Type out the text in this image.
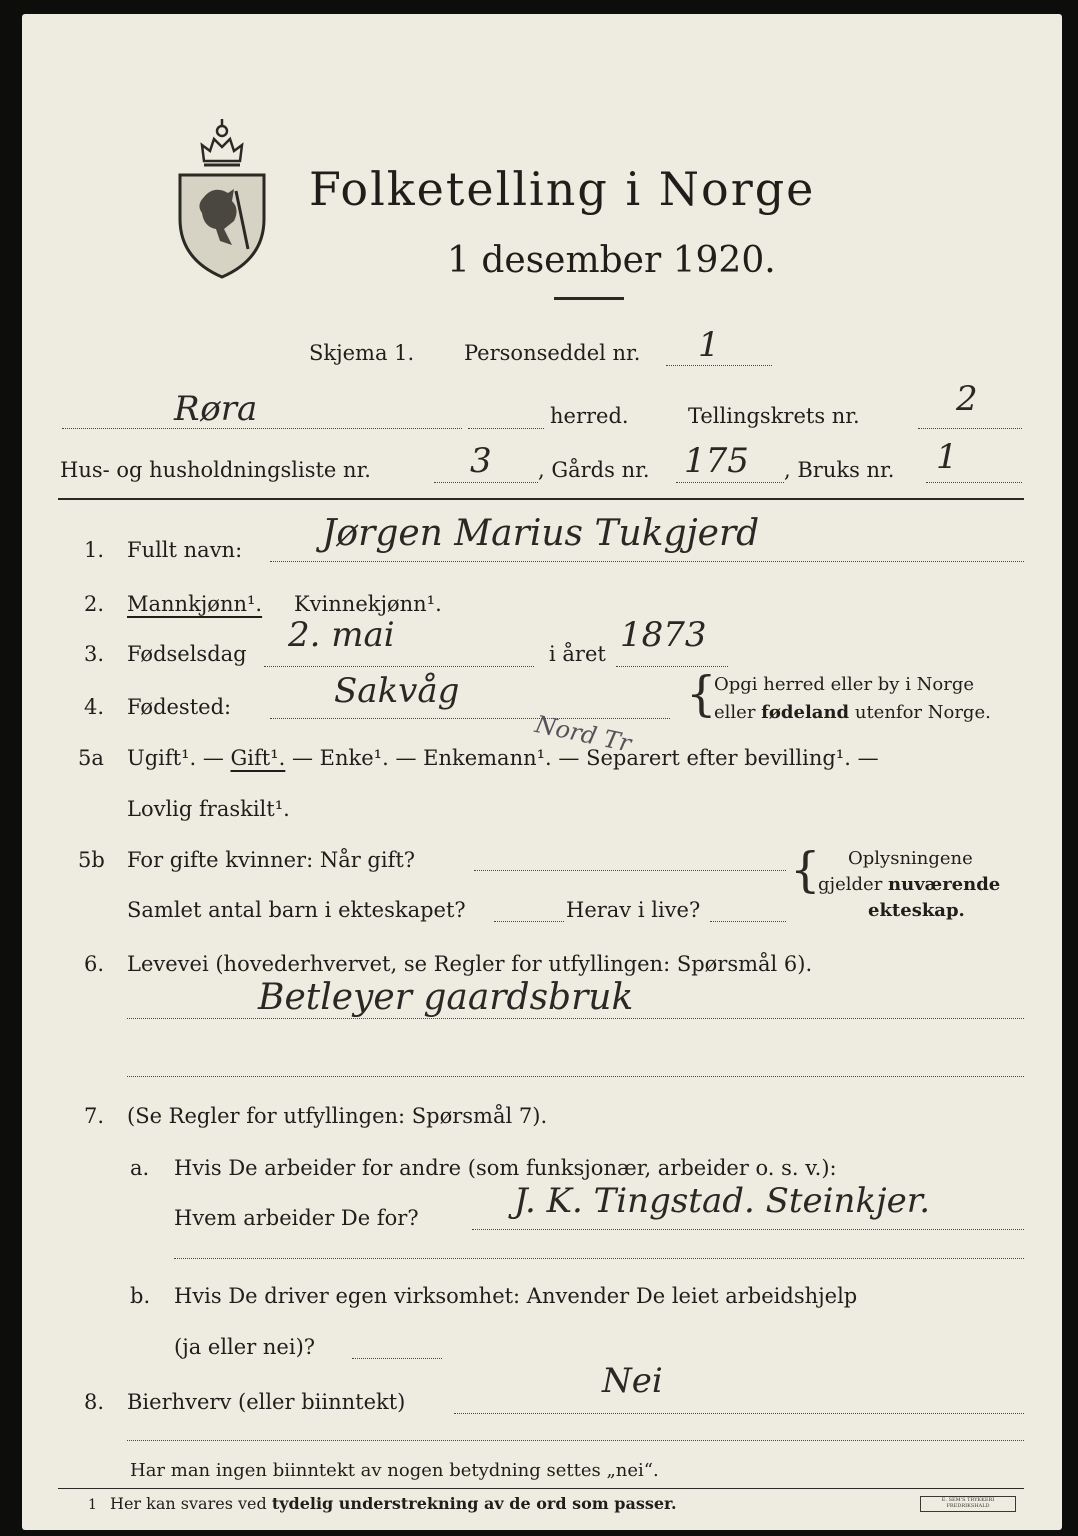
Folketelling i Norge
1 desember 1920.
Skjema 1. Personseddel nr. 1
Røra	herred.	Tellingskrets nr.	2
Hus- og husholdningsliste nr.	3 , Gårds nr. 175 , Bruks nr. 1
1. Fullt navn: Jørgen Marius Tukgjerd
2. Mannkjønn¹. Kvinnekjønn¹.
3. Fødselsdag 2. mai	i året 1873
4. Fødested:	Sakvåg
Nord Tr
{
Opgi herred eller by i Norge
eller fødeland utenfor Norge.
5a Ugift¹. — Gift¹. — Enke¹. — Enkemann¹. — Separert efter bevilling¹. —
Lovlig fraskilt¹.
5b For gifte kvinner: Når gift?
Samlet antal barn i ekteskapet?	Herav i live?
{ Oplysningene
gjelder nuværende
ekteskap.
6. Levevei (hovederhvervet, se Regler for utfyllingen: Spørsmål 6).
Betleyer gaardsbruk
7. (Se Regler for utfyllingen: Spørsmål 7).
a. Hvis De arbeider for andre (som funksjonær, arbeider o. s. v.):
Hvem arbeider De for?	J. K. Tingstad. Steinkjer.
b. Hvis De driver egen virksomhet: Anvender De leiet arbeidshjelp
(ja eller nei)?
8. Bierhverv (eller biinntekt)
Nei
Har man ingen biinntekt av nogen betydning settes „nei“.
1 Her kan svares ved tydelig understrekning av de ord som passer.	E. SEM'S TRYKKERI
FREDRIKSHALD
